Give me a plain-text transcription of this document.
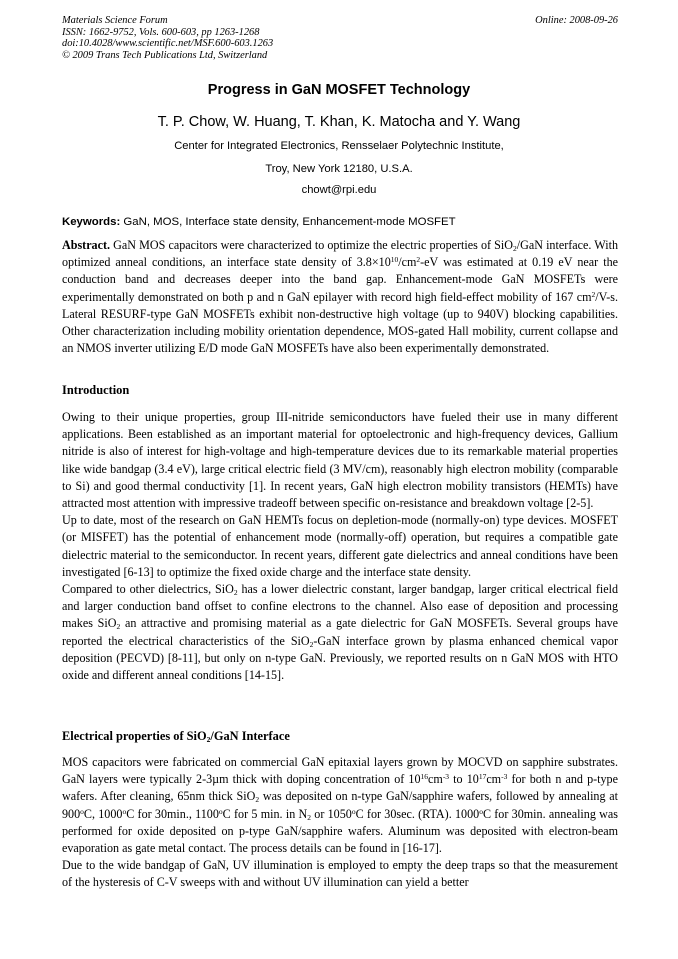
Materials Science Forum
ISSN: 1662-9752, Vols. 600-603, pp 1263-1268
doi:10.4028/www.scientific.net/MSF.600-603.1263
© 2009 Trans Tech Publications Ltd, Switzerland
Online: 2008-09-26
Progress in GaN MOSFET Technology
T. P. Chow, W. Huang, T. Khan, K. Matocha and Y. Wang
Center for Integrated Electronics, Rensselaer Polytechnic Institute,
Troy, New York 12180, U.S.A.
chowt@rpi.edu
Keywords: GaN, MOS, Interface state density, Enhancement-mode MOSFET

Abstract. GaN MOS capacitors were characterized to optimize the electric properties of SiO$_2$/GaN interface. With optimized anneal conditions, an interface state density of $3.8\times 10^{10}/cm^2-eV$ was estimated at 0.19 eV near the conduction band and decreases deeper into the band gap. Enhancement-mode GaN MOSFETs were experimentally demonstrated on both p and n GaN epilayer with record high field-effect mobility of 167 $cm^2/V-s$. Lateral RESURF-type GaN MOSFETs exhibit non-destructive high voltage (up to 940V) blocking capabilities. Other characterization including mobility orientation dependence, MOS-gated Hall mobility, current collapse and an NMOS inverter utilizing E/D mode GaN MOSFETs have also been experimentally demonstrated.

Introduction

Owing to their unique properties, group III-nitride semiconductors have fueled their use in many different applications. Been established as an important material for optoelectronic and high-frequency devices, Gallium nitride is also of interest for high-voltage and high-temperature devices due to its remarkable material properties like wide bandgap (3.4 eV), large critical electric field (3 MV/cm), reasonably high electron mobility (comparable to Si) and good thermal conductivity [1]. In recent years, GaN high electron mobility transistors (HEMTs) have attracted most attention with impressive tradeoff between specific on-resistance and breakdown voltage [2-5].

Up to date, most of the research on GaN HEMTs focus on depletion-mode (normally-on) type devices. MOSFET (or MISFET) has the potential of enhancement mode (normally-off) operation, but requires a compatible gate dielectric material to the semiconductor. In recent years, different gate dielectrics and anneal conditions have been investigated [6-13] to optimize the fixed oxide charge and the interface state density.

Compared to other dielectrics, SiO$_2$ has a lower dielectric constant, larger bandgap, larger critical electrical field and larger conduction band offset to confine electrons to the channel. Also ease of deposition and processing makes SiO$_2$ an attractive and promising material as a gate dielectric for GaN MOSFETs. Several groups have reported the electrical characteristics of the SiO$_2$-GaN interface grown by plasma enhanced chemical vapor deposition (PECVD) [8-11], but only on n-type GaN. Previously, we reported results on n GaN MOS with HTO oxide and different anneal conditions [14-15].

Electrical properties of SiO$_2$/GaN Interface

MOS capacitors were fabricated on commercial GaN epitaxial layers grown by MOCVD on sapphire substrates. GaN layers were typically 2-3µm thick with doping concentration of $10^{16}cm^{-3}$ to $10^{17}cm^{-3}$ for both n and p-type wafers. After cleaning, 65nm thick SiO$_2$ was deposited on n-type GaN/sapphire wafers, followed by annealing at 900$^o$C, 1000$^o$C for 30min., 1100$^o$C for 5 min. in $N_2$ or 1050$^o$C for 30sec. (RTA). 1000$^o$C for 30min. annealing was performed for oxide deposited on p-type GaN/sapphire wafers. Aluminum was deposited with electron-beam evaporation as gate metal contact. The process details can be found in [16-17].

Due to the wide bandgap of GaN, UV illumination is employed to empty the deep traps so that the measurement of the hysteresis of C-V sweeps with and without UV illumination can yield a better
